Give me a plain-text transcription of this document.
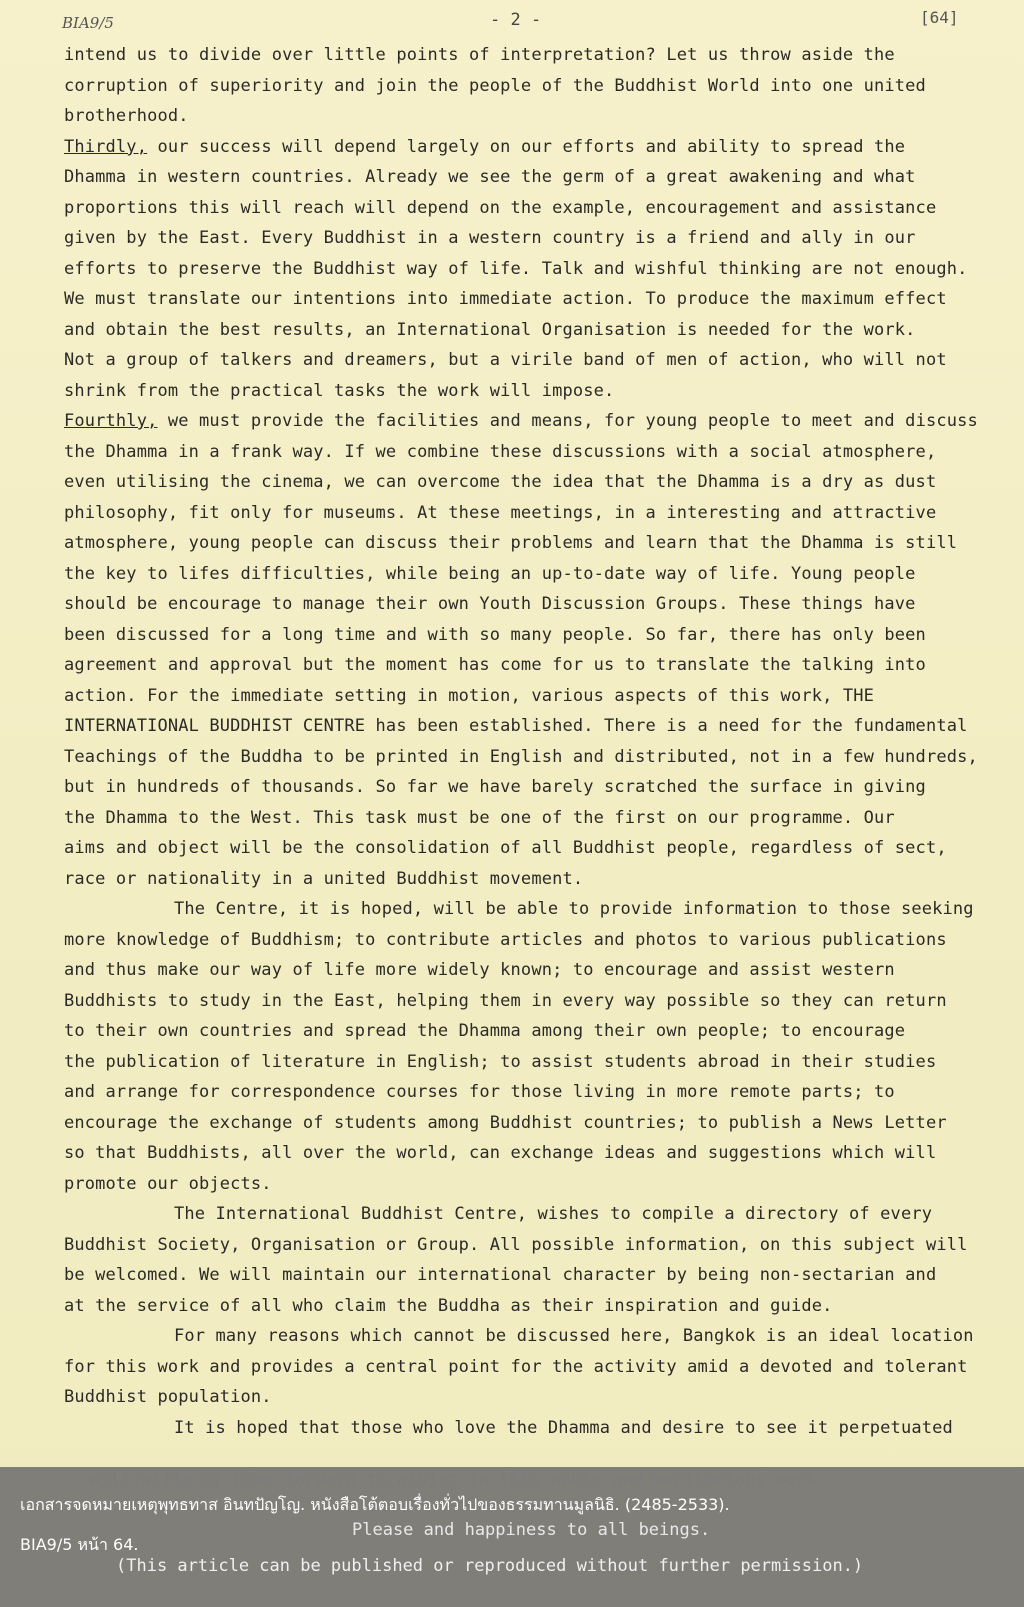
BIA9/5	- 2 -	[64]
intend us to divide over little points of interpretation? Let us throw aside the
corruption of superiority and join the people of the Buddhist World into one united
brotherhood.
Thirdly, our success will depend largely on our efforts and ability to spread the
Dhamma in western countries. Already we see the germ of a great awakening and what
proportions this will reach will depend on the example, encouragement and assistance
given by the East. Every Buddhist in a western country is a friend and ally in our
efforts to preserve the Buddhist way of life. Talk and wishful thinking are not enough.
We must translate our intentions into immediate action. To produce the maximum effect
and obtain the best results, an International Organisation is needed for the work.
Not a group of talkers and dreamers, but a virile band of men of action, who will not
shrink from the practical tasks the work will impose.
Fourthly, we must provide the facilities and means, for young people to meet and discuss
the Dhamma in a frank way. If we combine these discussions with a social atmosphere,
even utilising the cinema, we can overcome the idea that the Dhamma is a dry as dust
philosophy, fit only for museums. At these meetings, in a interesting and attractive
atmosphere, young people can discuss their problems and learn that the Dhamma is still
the key to lifes difficulties, while being an up-to-date way of life. Young people
should be encourage to manage their own Youth Discussion Groups. These things have
been discussed for a long time and with so many people. So far, there has only been
agreement and approval but the moment has come for us to translate the talking into
action. For the immediate setting in motion, various aspects of this work, THE
INTERNATIONAL BUDDHIST CENTRE has been established. There is a need for the fundamental
Teachings of the Buddha to be printed in English and distributed, not in a few hundreds,
but in hundreds of thousands. So far we have barely scratched the surface in giving
the Dhamma to the West. This task must be one of the first on our programme. Our
aims and object will be the consolidation of all Buddhist people, regardless of sect,
race or nationality in a united Buddhist movement.
The Centre, it is hoped, will be able to provide information to those seeking
more knowledge of Buddhism; to contribute articles and photos to various publications
and thus make our way of life more widely known; to encourage and assist western
Buddhists to study in the East, helping them in every way possible so they can return
to their own countries and spread the Dhamma among their own people; to encourage
the publication of literature in English; to assist students abroad in their studies
and arrange for correspondence courses for those living in more remote parts; to
encourage the exchange of students among Buddhist countries; to publish a News Letter
so that Buddhists, all over the world, can exchange ideas and suggestions which will
promote our objects.
The International Buddhist Centre, wishes to compile a directory of every
Buddhist Society, Organisation or Group. All possible information, on this subject will
be welcomed. We will maintain our international character by being non-sectarian and
at the service of all who claim the Buddha as their inspiration and guide.
For many reasons which cannot be discussed here, Bangkok is an ideal location
for this work and provides a central point for the activity amid a devoted and tolerant
Buddhist population.
It is hoped that those who love the Dhamma and desire to see it perpetuated
เอกสารจดหมายเหตุพุทธทาส อินทปัญโญ. หนังสือโต้ตอบเรื่องทั่วไปของธรรมทานมูลนิธิ. (2485-2533).
BIA9/5 หน้า 64.
Please and happiness to all beings.
(This article can be published or reproduced without further permission.)
